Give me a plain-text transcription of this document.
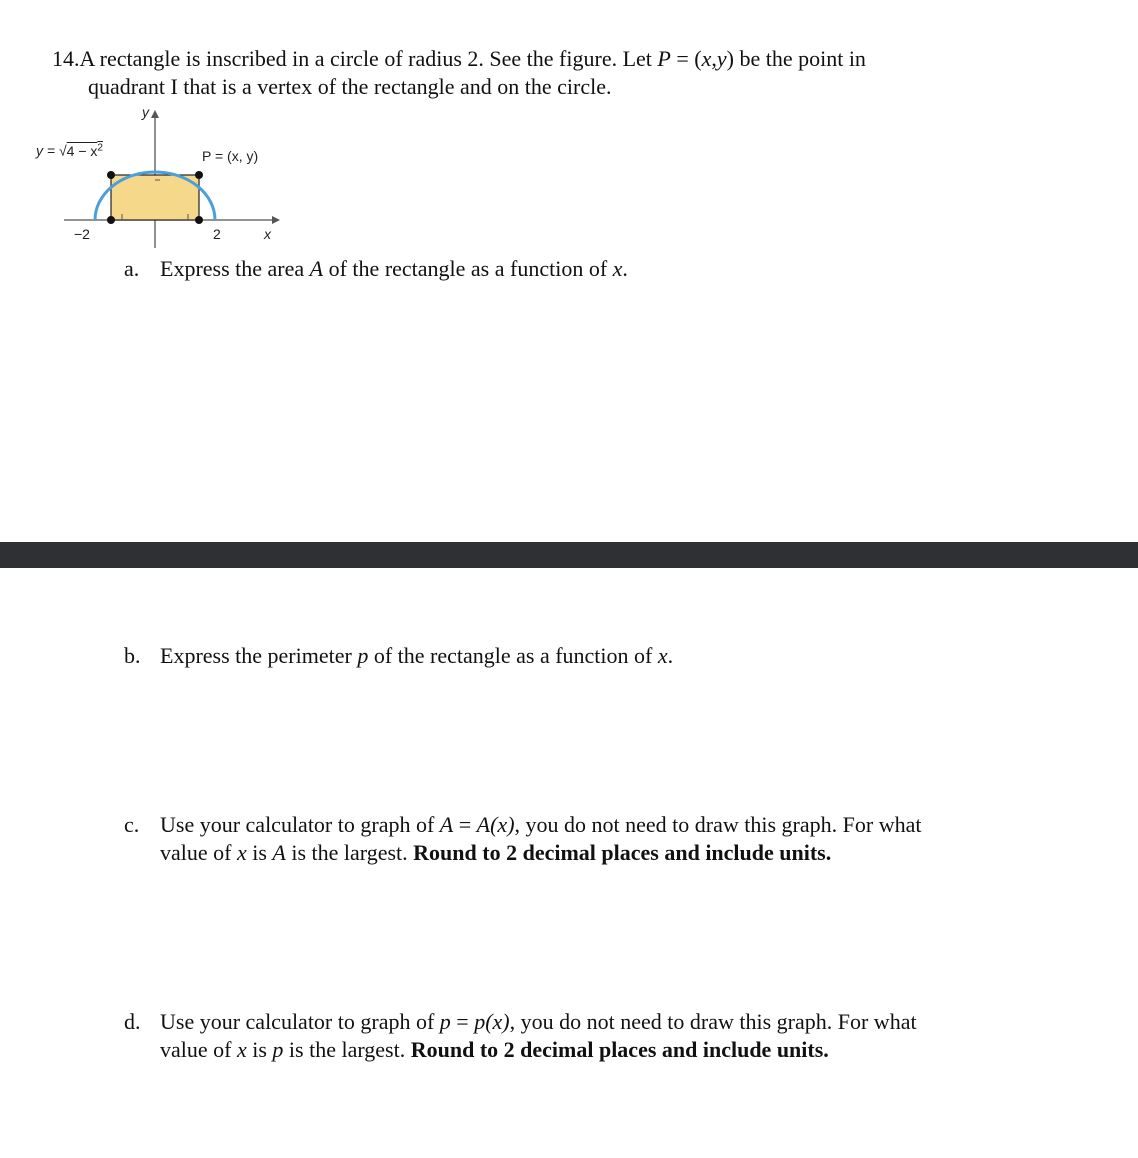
14.A rectangle is inscribed in a circle of radius 2. See the figure. Let P = (x,y) be the point in
quadrant I that is a vertex of the rectangle and on the circle.
y
$y = √4 - x^2$
P = (x, y)
−2	2	x
a. Express the area A of the rectangle as a function of x.
b. Express the perimeter p of the rectangle as a function of x.
c. Use your calculator to graph of A = A(x), you do not need to draw this graph. For what
value of x is A is the largest. Round to 2 decimal places and include units.
d. Use your calculator to graph of p = p(x), you do not need to draw this graph. For what
value of x is p is the largest. Round to 2 decimal places and include units.
